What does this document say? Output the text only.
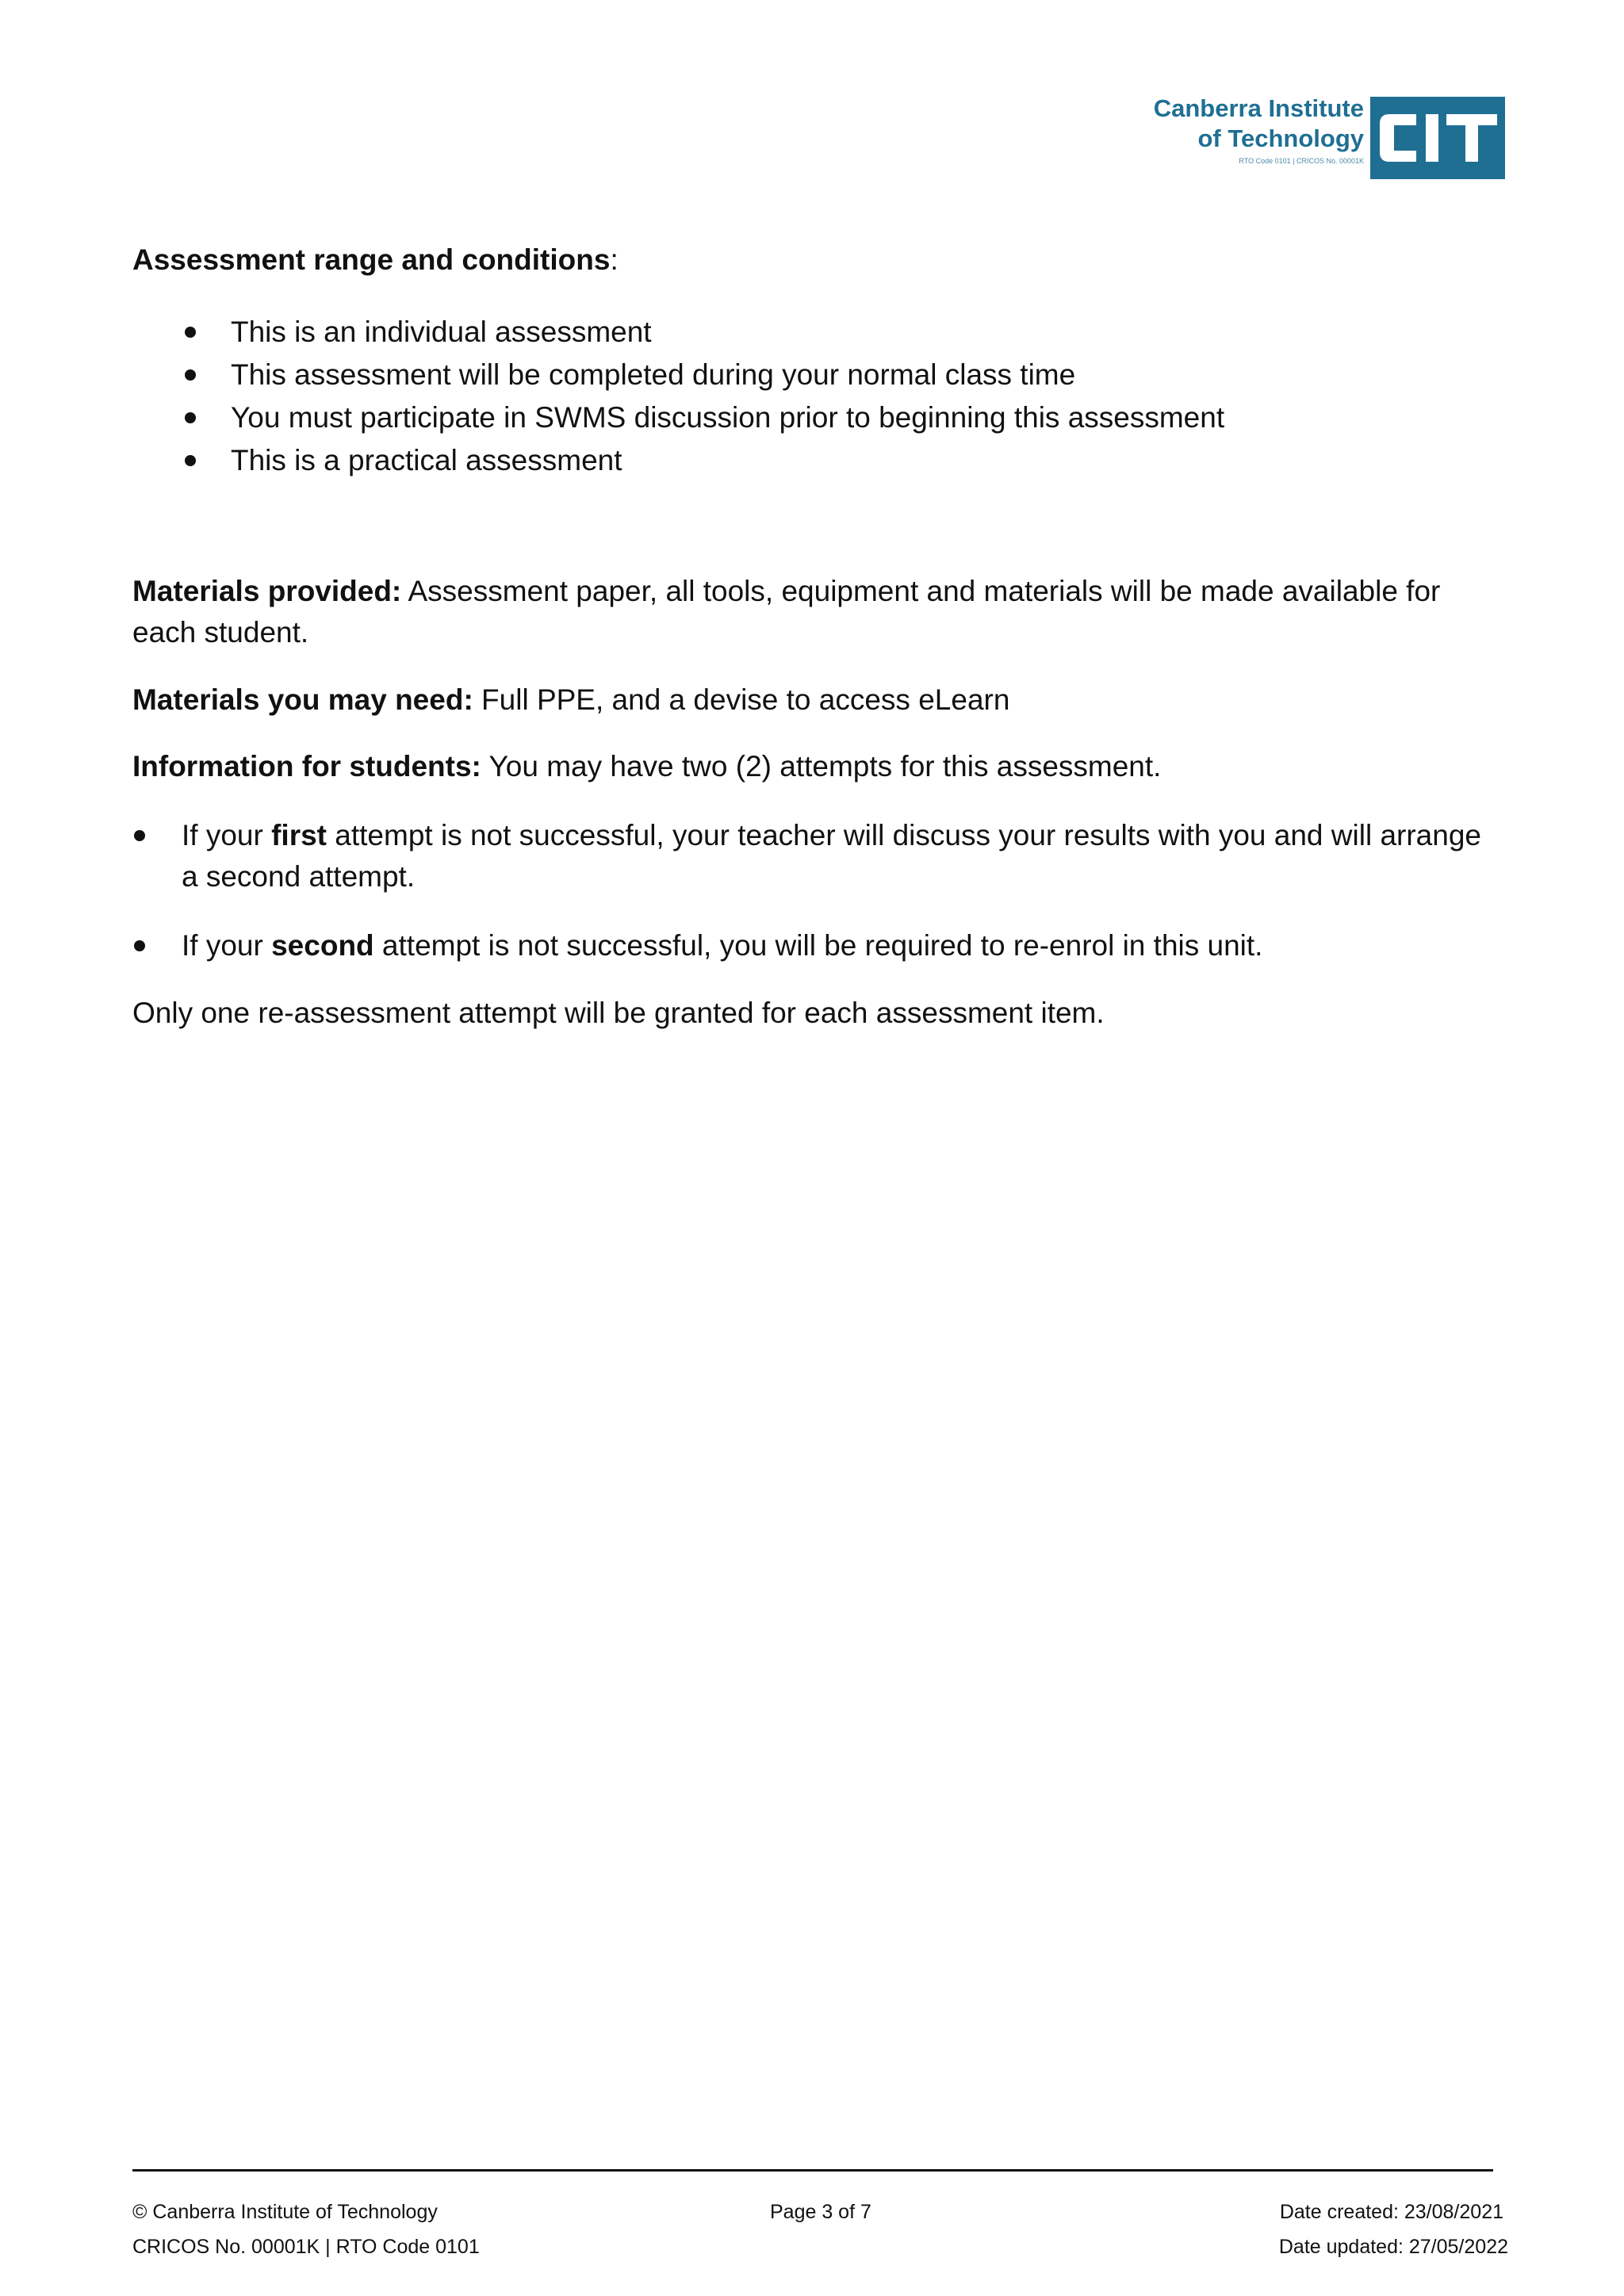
Canberra Institute
of Technology
RTO Code 0101 | CRICOS No. 00001K
Assessment range and conditions:
This is an individual assessment
This assessment will be completed during your normal class time
You must participate in SWMS discussion prior to beginning this assessment
This is a practical assessment
Materials provided: Assessment paper, all tools, equipment and materials will be made available for each student.
Materials you may need: Full PPE, and a devise to access eLearn
Information for students: You may have two (2) attempts for this assessment.
If your first attempt is not successful, your teacher will discuss your results with you and will arrange a second attempt.
If your second attempt is not successful, you will be required to re-enrol in this unit.
Only one re-assessment attempt will be granted for each assessment item.
© Canberra Institute of Technology
CRICOS No. 00001K | RTO Code 0101
Page 3 of 7	Date created: 23/08/2021
Date updated: 27/05/2022
